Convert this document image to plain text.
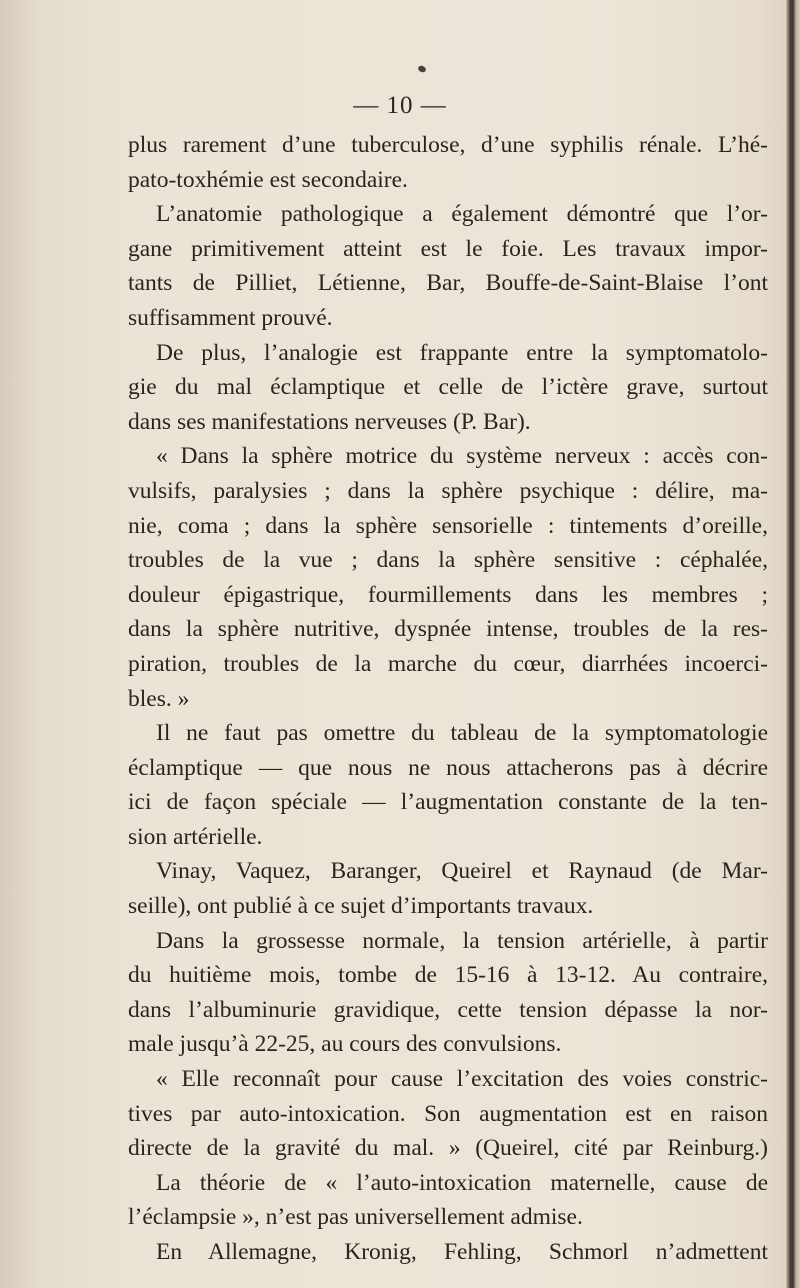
— 10 —
plus rarement d’une tuberculose, d’une syphilis rénale. L’hé-
pato-toxhémie est secondaire.
L’anatomie pathologique a également démontré que l’or-
gane primitivement atteint est le foie. Les travaux impor-
tants de Pilliet, Létienne, Bar, Bouffe-de-Saint-Blaise l’ont
suffisamment prouvé.
De plus, l’analogie est frappante entre la symptomatolo-
gie du mal éclamptique et celle de l’ictère grave, surtout
dans ses manifestations nerveuses (P. Bar).
« Dans la sphère motrice du système nerveux : accès con-
vulsifs, paralysies ; dans la sphère psychique : délire, ma-
nie, coma ; dans la sphère sensorielle : tintements d’oreille,
troubles de la vue ; dans la sphère sensitive : céphalée,
douleur épigastrique, fourmillements dans les membres ;
dans la sphère nutritive, dyspnée intense, troubles de la res-
piration, troubles de la marche du cœur, diarrhées incoerci-
bles. »
Il ne faut pas omettre du tableau de la symptomatologie
éclamptique — que nous ne nous attacherons pas à décrire
ici de façon spéciale — l’augmentation constante de la ten-
sion artérielle.
Vinay, Vaquez, Baranger, Queirel et Raynaud (de Mar-
seille), ont publié à ce sujet d’importants travaux.
Dans la grossesse normale, la tension artérielle, à partir
du huitième mois, tombe de 15-16 à 13-12. Au contraire,
dans l’albuminurie gravidique, cette tension dépasse la nor-
male jusqu’à 22-25, au cours des convulsions.
« Elle reconnaît pour cause l’excitation des voies constric-
tives par auto-intoxication. Son augmentation est en raison
directe de la gravité du mal. » (Queirel, cité par Reinburg.)
La théorie de « l’auto-intoxication maternelle, cause de
l’éclampsie », n’est pas universellement admise.
En Allemagne, Kronig, Fehling, Schmorl n’admettent
